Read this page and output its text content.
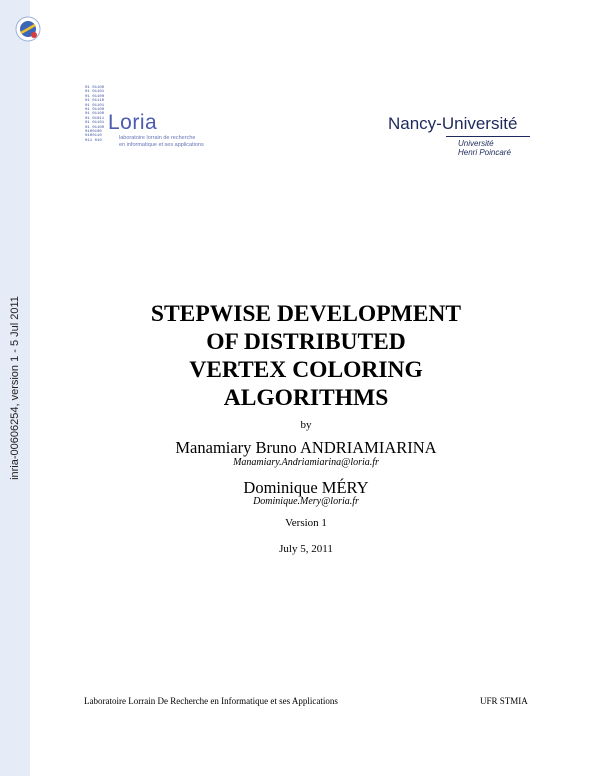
inria-00606254, version 1 - 5 Jul 2011
01 01100
01 01101
01 01100
01 01110
01 01101
01 01100
01 01100
01 01011
01 01101
01 01100
0100100
0100110
011 010
Loria
laboratoire lorrain de recherche
en informatique et ses applications
Nancy-Université
Université
Henri Poincaré
STEPWISE DEVELOPMENT
OF DISTRIBUTED
VERTEX COLORING
ALGORITHMS
by
Manamiary Bruno ANDRIAMIARINA
Manamiary.Andriamiarina@loria.fr
Dominique MÉRY
Dominique.Mery@loria.fr
Version 1
July 5, 2011
Laboratoire Lorrain De Recherche en Informatique et ses Applications	UFR STMIA
